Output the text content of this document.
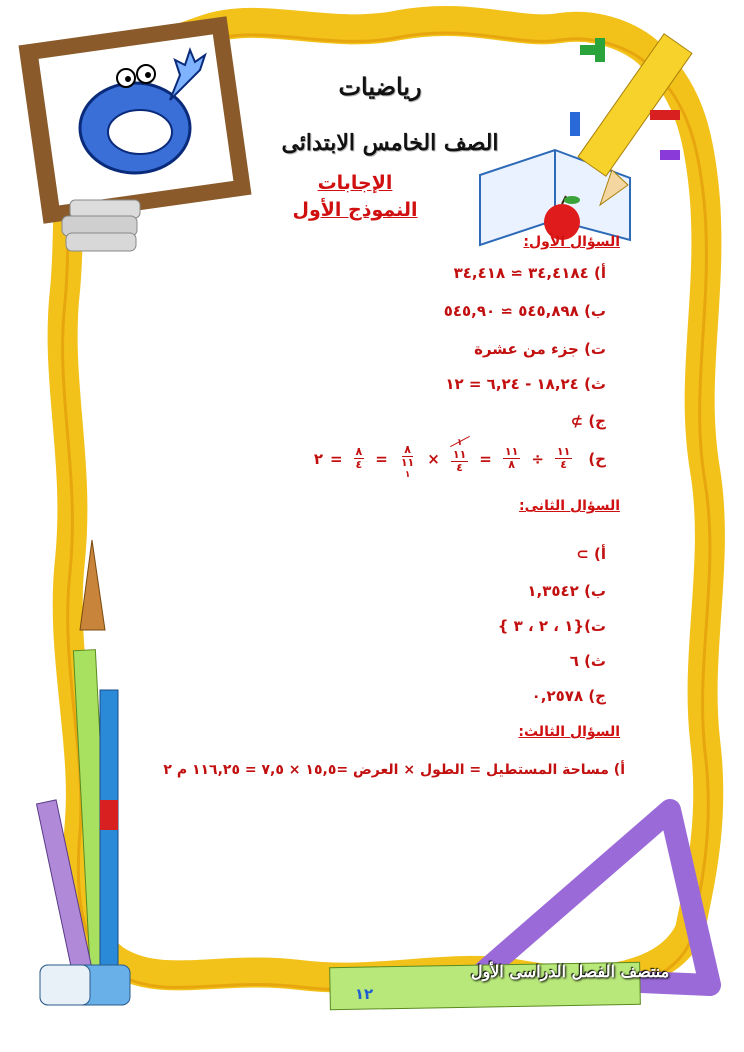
رياضيات
الصف الخامس الابتدائى
الإجابات
النموذج الأول
السؤال الأول:
أ) ٣٤,٤١٨٤ ≃ ٣٤,٤١٨
ب) ٥٤٥,٨٩٨ ≃ ٥٤٥,٩٠
ت) جزء من عشرة
ث) ١٨,٢٤ - ٦,٢٤ = ١٢
ج) ⊅
ح)
$\frac{١١}{٤}$
÷
$\frac{١١}{٨}$
=
١
١١
٤
×
٨
١١
١
=
$\frac{٨}{٤}$
=
٢
السؤال الثانى:
أ) ⊃
ب) ١,٣٥٤٢
ت){١ ، ٢ ، ٣ }
ث) ٦
ج) ٠,٢٥٧٨
السؤال الثالث:
أ) مساحة المستطيل = الطول × العرض =١٥,٥ × ٧,٥ = ١١٦,٢٥ م ٢
منتصف الفصل الدراسى الأول
١٢
